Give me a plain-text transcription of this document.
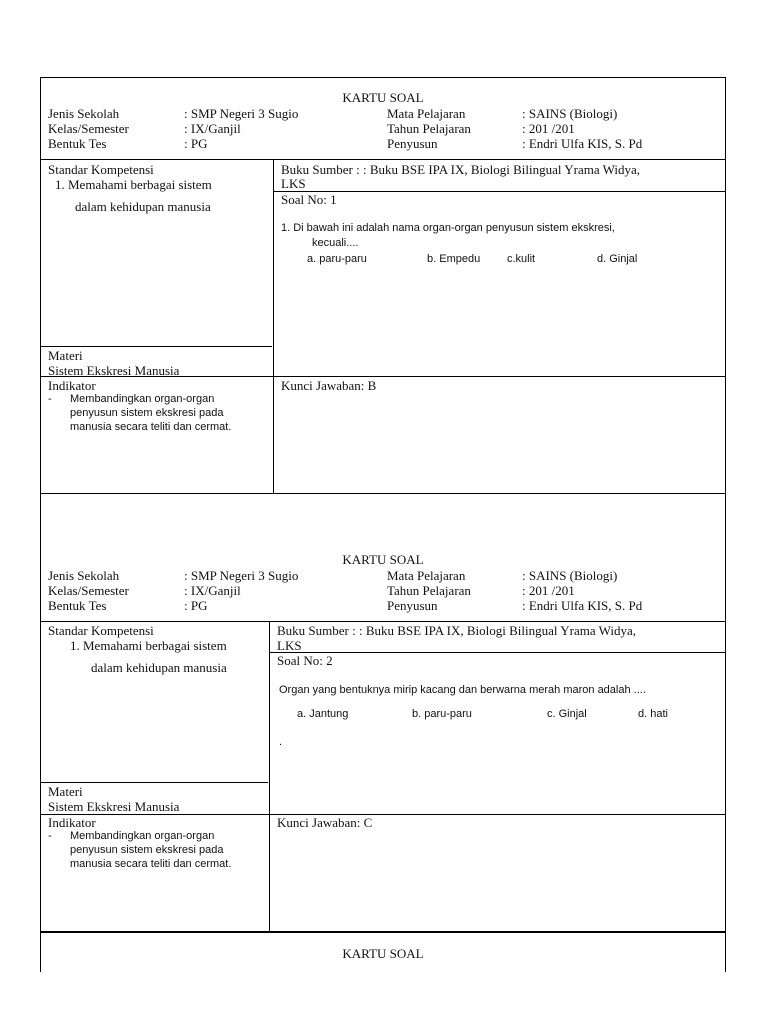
KARTU SOAL
Jenis Sekolah	: SMP Negeri 3 Sugio
Kelas/Semester	: IX/Ganjil
Bentuk Tes	: PG
Mata Pelajaran	: SAINS (Biologi)
Tahun Pelajaran	: 201 /201
Penyusun	: Endri Ulfa KIS, S. Pd
Standar Kompetensi
1. Memahami berbagai sistem
dalam kehidupan manusia
Materi
Sistem Ekskresi Manusia
Indikator
- Membandingkan organ-organ
penyusun sistem ekskresi pada
manusia secara teliti dan cermat.
Buku Sumber : : Buku BSE IPA IX, Biologi Bilingual Yrama Widya,
LKS
Soal No: 1
1. Di bawah ini adalah nama organ-organ penyusun sistem ekskresi,
kecuali....
a. paru-paru	b. Empedu c.kulit	d. Ginjal
Kunci Jawaban: B
KARTU SOAL
Jenis Sekolah	: SMP Negeri 3 Sugio
Kelas/Semester	: IX/Ganjil
Bentuk Tes	: PG
Mata Pelajaran	: SAINS (Biologi)
Tahun Pelajaran	: 201 /201
Penyusun	: Endri Ulfa KIS, S. Pd
Standar Kompetensi
1. Memahami berbagai sistem
dalam kehidupan manusia
Materi
Sistem Ekskresi Manusia
Indikator
- Membandingkan organ-organ
penyusun sistem ekskresi pada
manusia secara teliti dan cermat.
Buku Sumber : : Buku BSE IPA IX, Biologi Bilingual Yrama Widya,
LKS
Soal No: 2
Organ yang bentuknya mirip kacang dan berwarna merah maron adalah ....
a. Jantung	b. paru-paru	c. Ginjal	d. hati
.
Kunci Jawaban: C
KARTU SOAL
